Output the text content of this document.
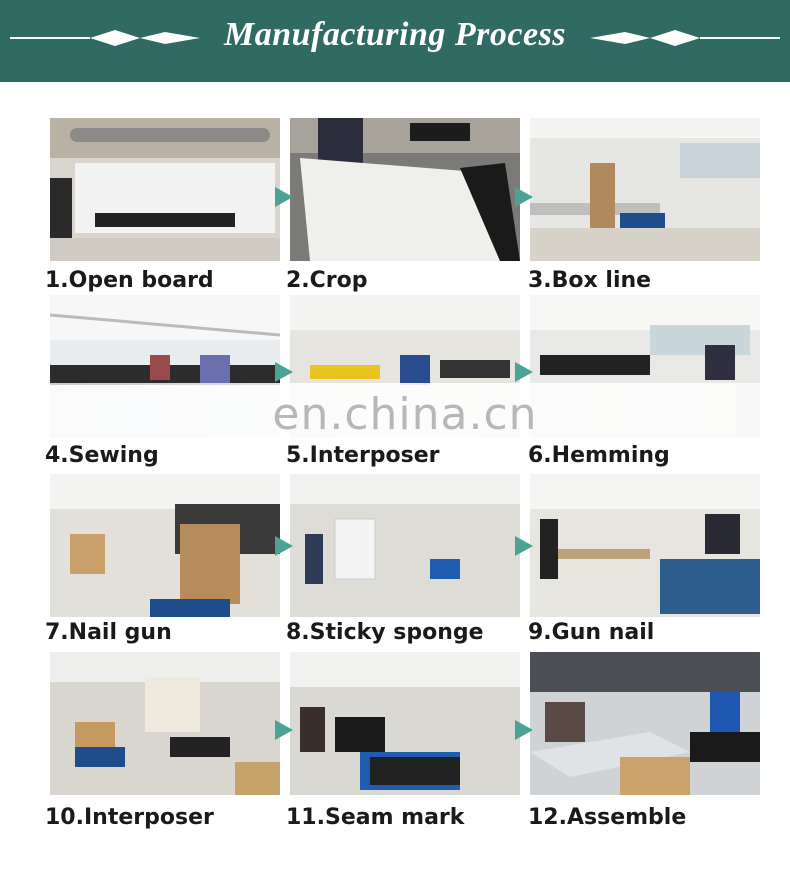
Manufacturing Process
1.Open board	2.Crop	3.Box line
en.china.cn
4.Sewing	5.Interposer	6.Hemming
7.Nail gun	8.Sticky sponge 9.Gun nail
10.Interposer	11.Seam mark	12.Assemble
